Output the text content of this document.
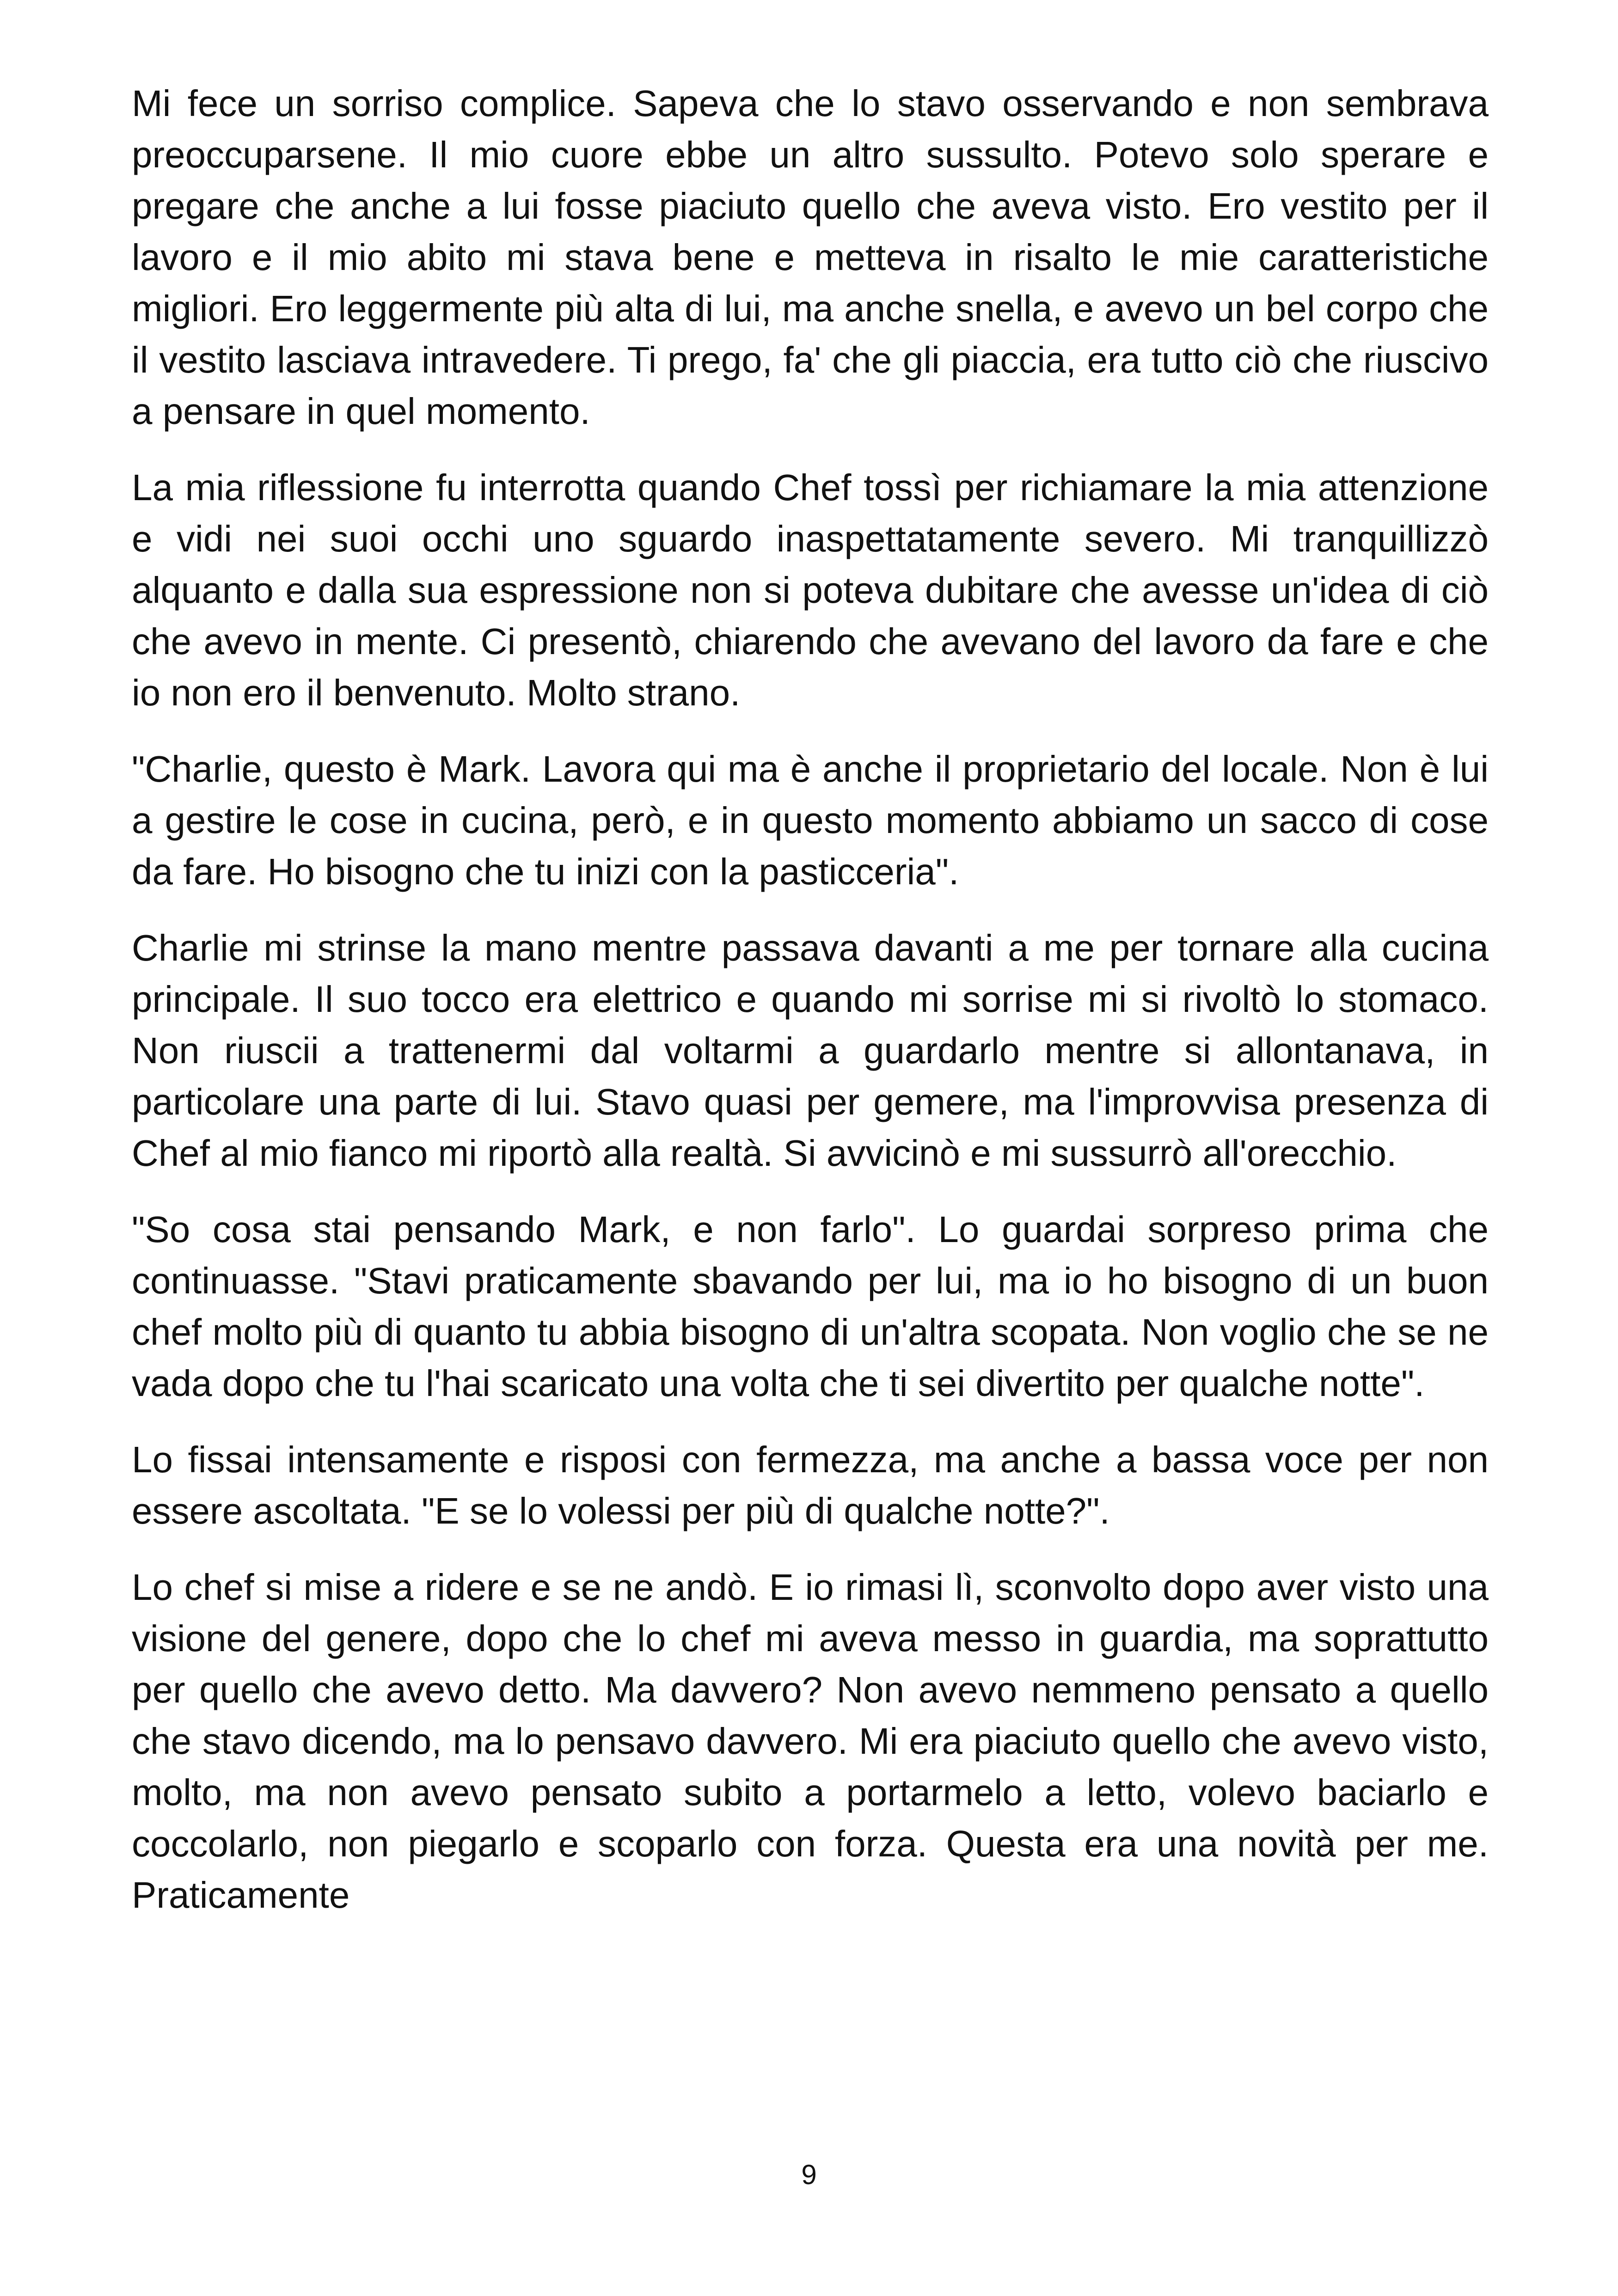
Mi fece un sorriso complice. Sapeva che lo stavo osservando e non sembrava preoccuparsene. Il mio cuore ebbe un altro sussulto. Potevo solo sperare e pregare che anche a lui fosse piaciuto quello che aveva visto. Ero vestito per il lavoro e il mio abito mi stava bene e metteva in risalto le mie caratteristiche migliori. Ero leggermente più alta di lui, ma anche snella, e avevo un bel corpo che il vestito lasciava intravedere. Ti prego, fa' che gli piaccia, era tutto ciò che riuscivo a pensare in quel momento.

La mia riflessione fu interrotta quando Chef tossì per richiamare la mia attenzione e vidi nei suoi occhi uno sguardo inaspettatamente severo. Mi tranquillizzò alquanto e dalla sua espressione non si poteva dubitare che avesse un'idea di ciò che avevo in mente. Ci presentò, chiarendo che avevano del lavoro da fare e che io non ero il benvenuto. Molto strano.

"Charlie, questo è Mark. Lavora qui ma è anche il proprietario del locale. Non è lui a gestire le cose in cucina, però, e in questo momento abbiamo un sacco di cose da fare. Ho bisogno che tu inizi con la pasticceria".

Charlie mi strinse la mano mentre passava davanti a me per tornare alla cucina principale. Il suo tocco era elettrico e quando mi sorrise mi si rivoltò lo stomaco. Non riuscii a trattenermi dal voltarmi a guardarlo mentre si allontanava, in particolare una parte di lui. Stavo quasi per gemere, ma l'improvvisa presenza di Chef al mio fianco mi riportò alla realtà. Si avvicinò e mi sussurrò all'orecchio.

"So cosa stai pensando Mark, e non farlo". Lo guardai sorpreso prima che continuasse. "Stavi praticamente sbavando per lui, ma io ho bisogno di un buon chef molto più di quanto tu abbia bisogno di un'altra scopata. Non voglio che se ne vada dopo che tu l'hai scaricato una volta che ti sei divertito per qualche notte".

Lo fissai intensamente e risposi con fermezza, ma anche a bassa voce per non essere ascoltata. "E se lo volessi per più di qualche notte?".

Lo chef si mise a ridere e se ne andò. E io rimasi lì, sconvolto dopo aver visto una visione del genere, dopo che lo chef mi aveva messo in guardia, ma soprattutto per quello che avevo detto. Ma davvero? Non avevo nemmeno pensato a quello che stavo dicendo, ma lo pensavo davvero. Mi era piaciuto quello che avevo visto, molto, ma non avevo pensato subito a portarmelo a letto, volevo baciarlo e coccolarlo, non piegarlo e scoparlo con forza. Questa era una novità per me. Praticamente

9
